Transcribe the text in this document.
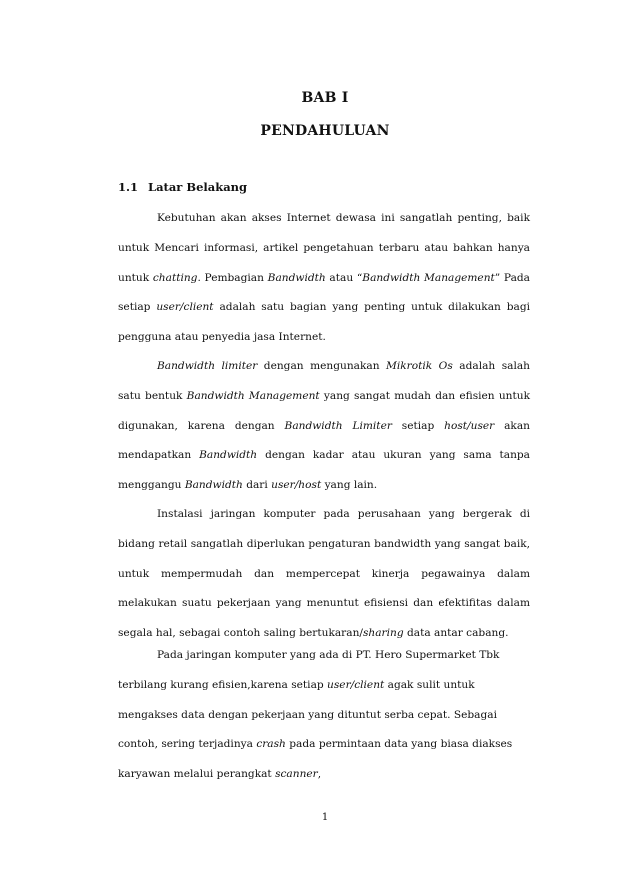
BAB I
PENDAHULUAN
1.1 Latar Belakang

Kebutuhan akan akses Internet dewasa ini sangatlah penting, baik untuk Mencari informasi, artikel pengetahuan terbaru atau bahkan hanya untuk chatting. Pembagian Bandwidth atau “Bandwidth Management” Pada setiap user/client adalah satu bagian yang penting untuk dilakukan bagi pengguna atau penyedia jasa Internet.

Bandwidth limiter dengan mengunakan Mikrotik Os adalah salah satu bentuk Bandwidth Management yang sangat mudah dan efisien untuk digunakan, karena dengan Bandwidth Limiter setiap host/user akan mendapatkan Bandwidth dengan kadar atau ukuran yang sama tanpa menggangu Bandwidth dari user/host yang lain.

Instalasi jaringan komputer pada perusahaan yang bergerak di bidang retail sangatlah diperlukan pengaturan bandwidth yang sangat baik, untuk mempermudah dan mempercepat kinerja pegawainya dalam melakukan suatu pekerjaan yang menuntut efisiensi dan efektifitas dalam segala hal, sebagai contoh saling bertukaran/sharing data antar cabang.

Pada jaringan komputer yang ada di PT. Hero Supermarket Tbk terbilang kurang efisien,karena setiap user/client agak sulit untuk mengakses data dengan pekerjaan yang dituntut serba cepat. Sebagai contoh, sering terjadinya crash pada permintaan data yang biasa diakses karyawan melalui perangkat scanner,

1
